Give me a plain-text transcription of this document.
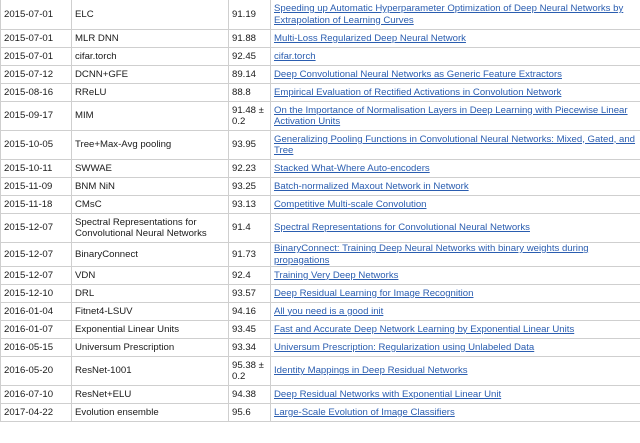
2015-07-01	ELC	91.19	Speeding up Automatic Hyperparameter Optimization of Deep Neural Networks by Extrapolation of Learning Curves
2015-07-01	MLR DNN	91.88	Multi-Loss Regularized Deep Neural Network
2015-07-01	cifar.torch	92.45	cifar.torch
2015-07-12	DCNN+GFE	89.14	Deep Convolutional Neural Networks as Generic Feature Extractors
2015-08-16	RReLU	88.8	Empirical Evaluation of Rectified Activations in Convolution Network
2015-09-17	MIM	91.48 ± 0.2	On the Importance of Normalisation Layers in Deep Learning with Piecewise Linear Activation Units
2015-10-05	Tree+Max-Avg pooling	93.95	Generalizing Pooling Functions in Convolutional Neural Networks: Mixed, Gated, and Tree
2015-10-11	SWWAE	92.23	Stacked What-Where Auto-encoders
2015-11-09	BNM NiN	93.25	Batch-normalized Maxout Network in Network
2015-11-18	CMsC	93.13	Competitive Multi-scale Convolution
2015-12-07	Spectral Representations for Convolutional Neural Networks	91.4	Spectral Representations for Convolutional Neural Networks
2015-12-07	BinaryConnect	91.73	BinaryConnect: Training Deep Neural Networks with binary weights during propagations
2015-12-07	VDN	92.4	Training Very Deep Networks
2015-12-10	DRL	93.57	Deep Residual Learning for Image Recognition
2016-01-04	Fitnet4-LSUV	94.16	All you need is a good init
2016-01-07	Exponential Linear Units	93.45	Fast and Accurate Deep Network Learning by Exponential Linear Units
2016-05-15	Universum Prescription	93.34	Universum Prescription: Regularization using Unlabeled Data
2016-05-20	ResNet-1001	95.38 ± 0.2	Identity Mappings in Deep Residual Networks
2016-07-10	ResNet+ELU	94.38	Deep Residual Networks with Exponential Linear Unit
2017-04-22	Evolution ensemble	95.6	Large-Scale Evolution of Image Classifiers
